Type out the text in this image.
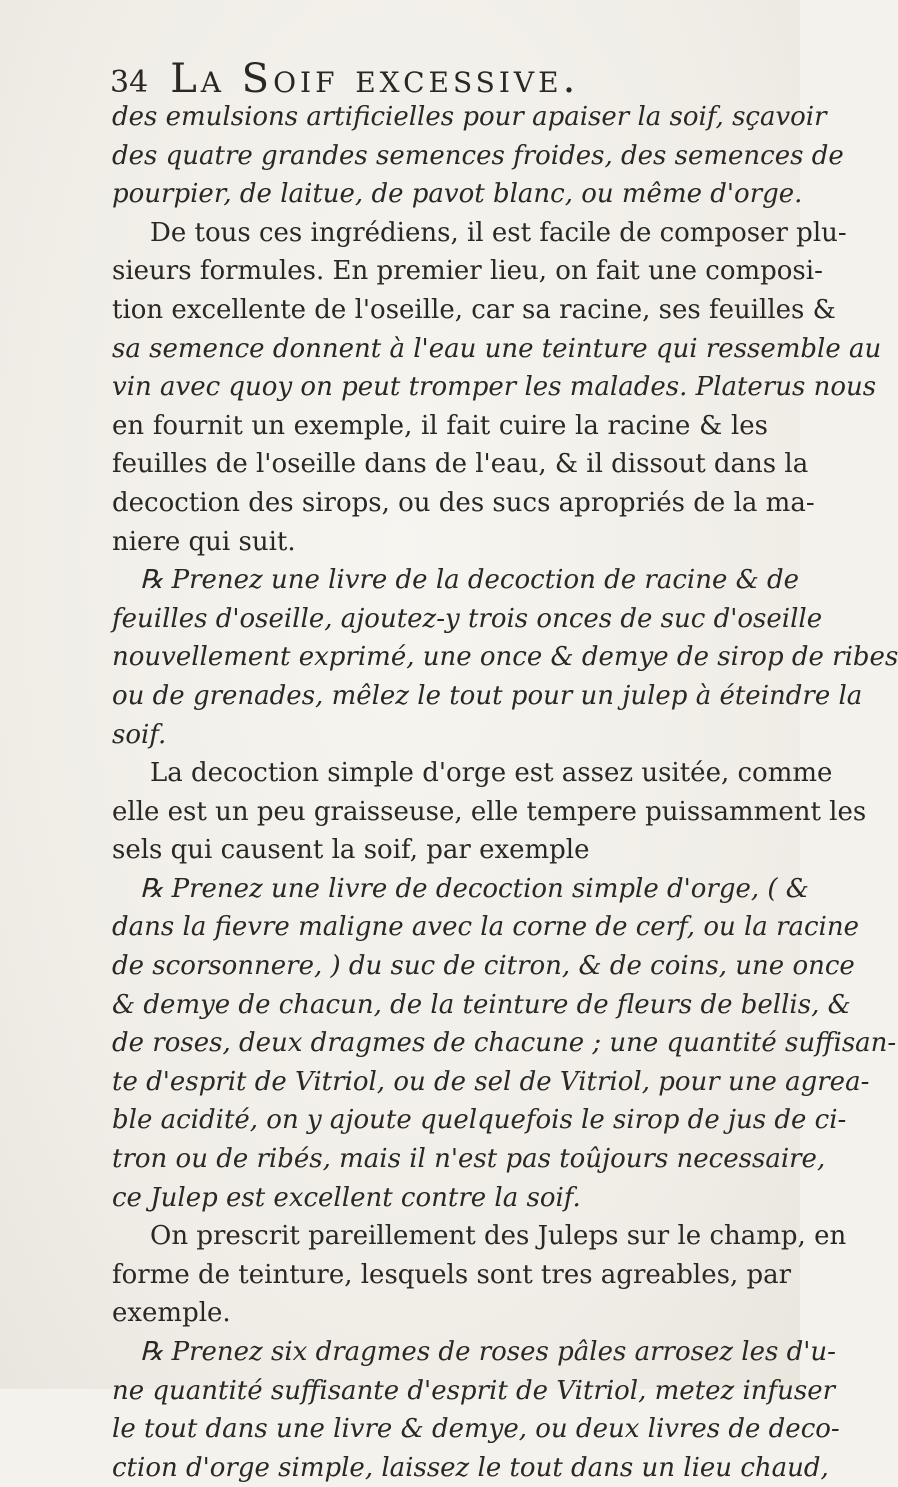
34 La Soif excessive.
des emulsions artificielles pour apaiser la soif, sçavoir
des quatre grandes semences froides, des semences de
pourpier, de laitue, de pavot blanc, ou même d'orge.
De tous ces ingrédiens, il est facile de composer plu-
sieurs formules. En premier lieu, on fait une composi-
tion excellente de l'oseille, car sa racine, ses feuilles &
sa semence donnent à l'eau une teinture qui ressemble au
vin avec quoy on peut tromper les malades. Platerus nous
en fournit un exemple, il fait cuire la racine & les
feuilles de l'oseille dans de l'eau, & il dissout dans la
decoction des sirops, ou des sucs apropriés de la ma-
niere qui suit.
℞ Prenez une livre de la decoction de racine & de
feuilles d'oseille, ajoutez-y trois onces de suc d'oseille
nouvellement exprimé, une once & demye de sirop de ribes
ou de grenades, mêlez le tout pour un julep à éteindre la
soif.
La decoction simple d'orge est assez usitée, comme
elle est un peu graisseuse, elle tempere puissamment les
sels qui causent la soif, par exemple
℞ Prenez une livre de decoction simple d'orge, ( &
dans la fievre maligne avec la corne de cerf, ou la racine
de scorsonnere, ) du suc de citron, & de coins, une once
& demye de chacun, de la teinture de fleurs de bellis, &
de roses, deux dragmes de chacune ; une quantité suffisan-
te d'esprit de Vitriol, ou de sel de Vitriol, pour une agrea-
ble acidité, on y ajoute quelquefois le sirop de jus de ci-
tron ou de ribés, mais il n'est pas toûjours necessaire,
ce Julep est excellent contre la soif.
On prescrit pareillement des Juleps sur le champ, en
forme de teinture, lesquels sont tres agreables, par
exemple.
℞ Prenez six dragmes de roses pâles arrosez les d'u-
ne quantité suffisante d'esprit de Vitriol, metez infuser
le tout dans une livre & demye, ou deux livres de deco-
ction d'orge simple, laissez le tout dans un lieu chaud,
